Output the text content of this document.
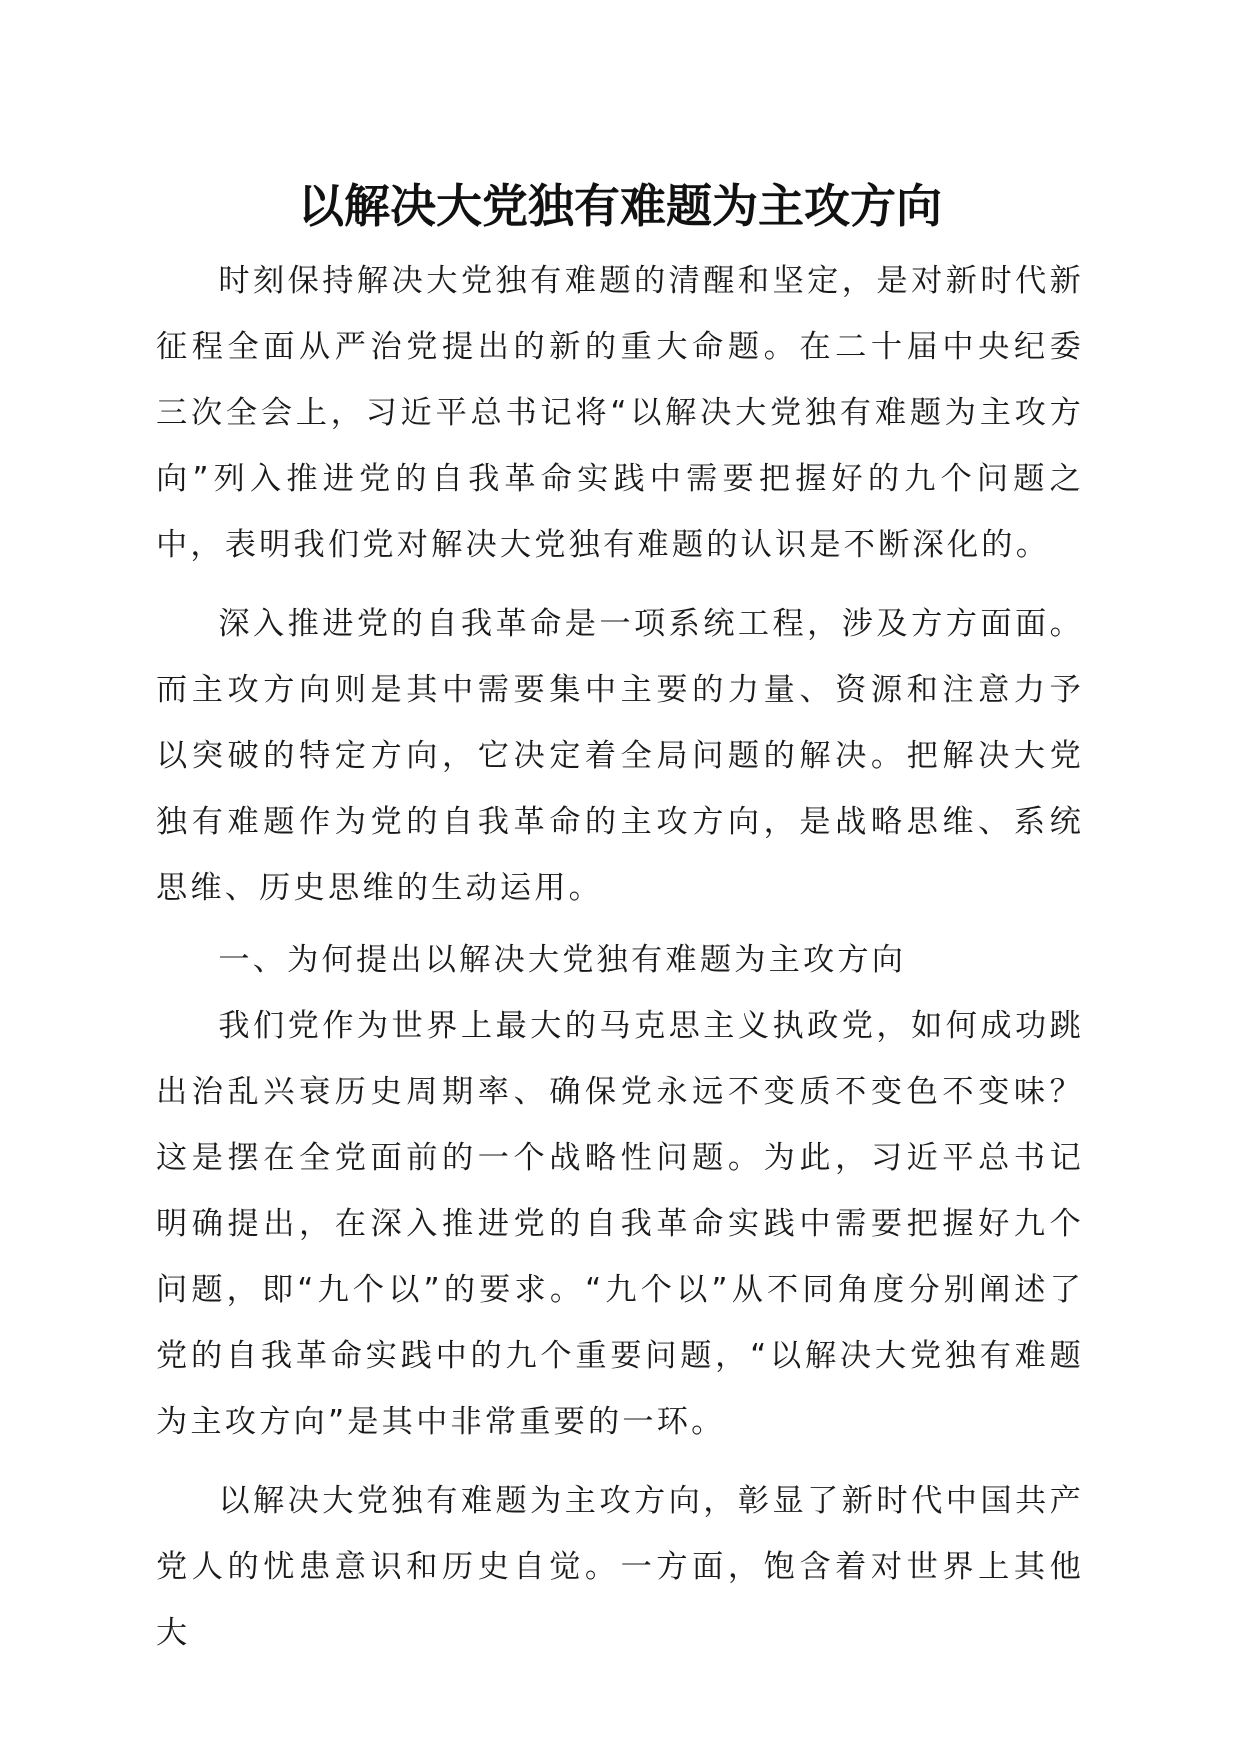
以解决大党独有难题为主攻方向

时刻保持解决大党独有难题的清醒和坚定，是对新时代新征程全面从严治党提出的新的重大命题。在二十届中央纪委三次全会上，习近平总书记将“以解决大党独有难题为主攻方向”列入推进党的自我革命实践中需要把握好的九个问题之中，表明我们党对解决大党独有难题的认识是不断深化的。

深入推进党的自我革命是一项系统工程，涉及方方面面。而主攻方向则是其中需要集中主要的力量、资源和注意力予以突破的特定方向，它决定着全局问题的解决。把解决大党独有难题作为党的自我革命的主攻方向，是战略思维、系统思维、历史思维的生动运用。

一、为何提出以解决大党独有难题为主攻方向

我们党作为世界上最大的马克思主义执政党，如何成功跳出治乱兴衰历史周期率、确保党永远不变质不变色不变味？这是摆在全党面前的一个战略性问题。为此，习近平总书记明确提出，在深入推进党的自我革命实践中需要把握好九个问题，即“九个以”的要求。“九个以”从不同角度分别阐述了党的自我革命实践中的九个重要问题，“以解决大党独有难题为主攻方向”是其中非常重要的一环。

以解决大党独有难题为主攻方向，彰显了新时代中国共产党人的忧患意识和历史自觉。一方面，饱含着对世界上其他大
